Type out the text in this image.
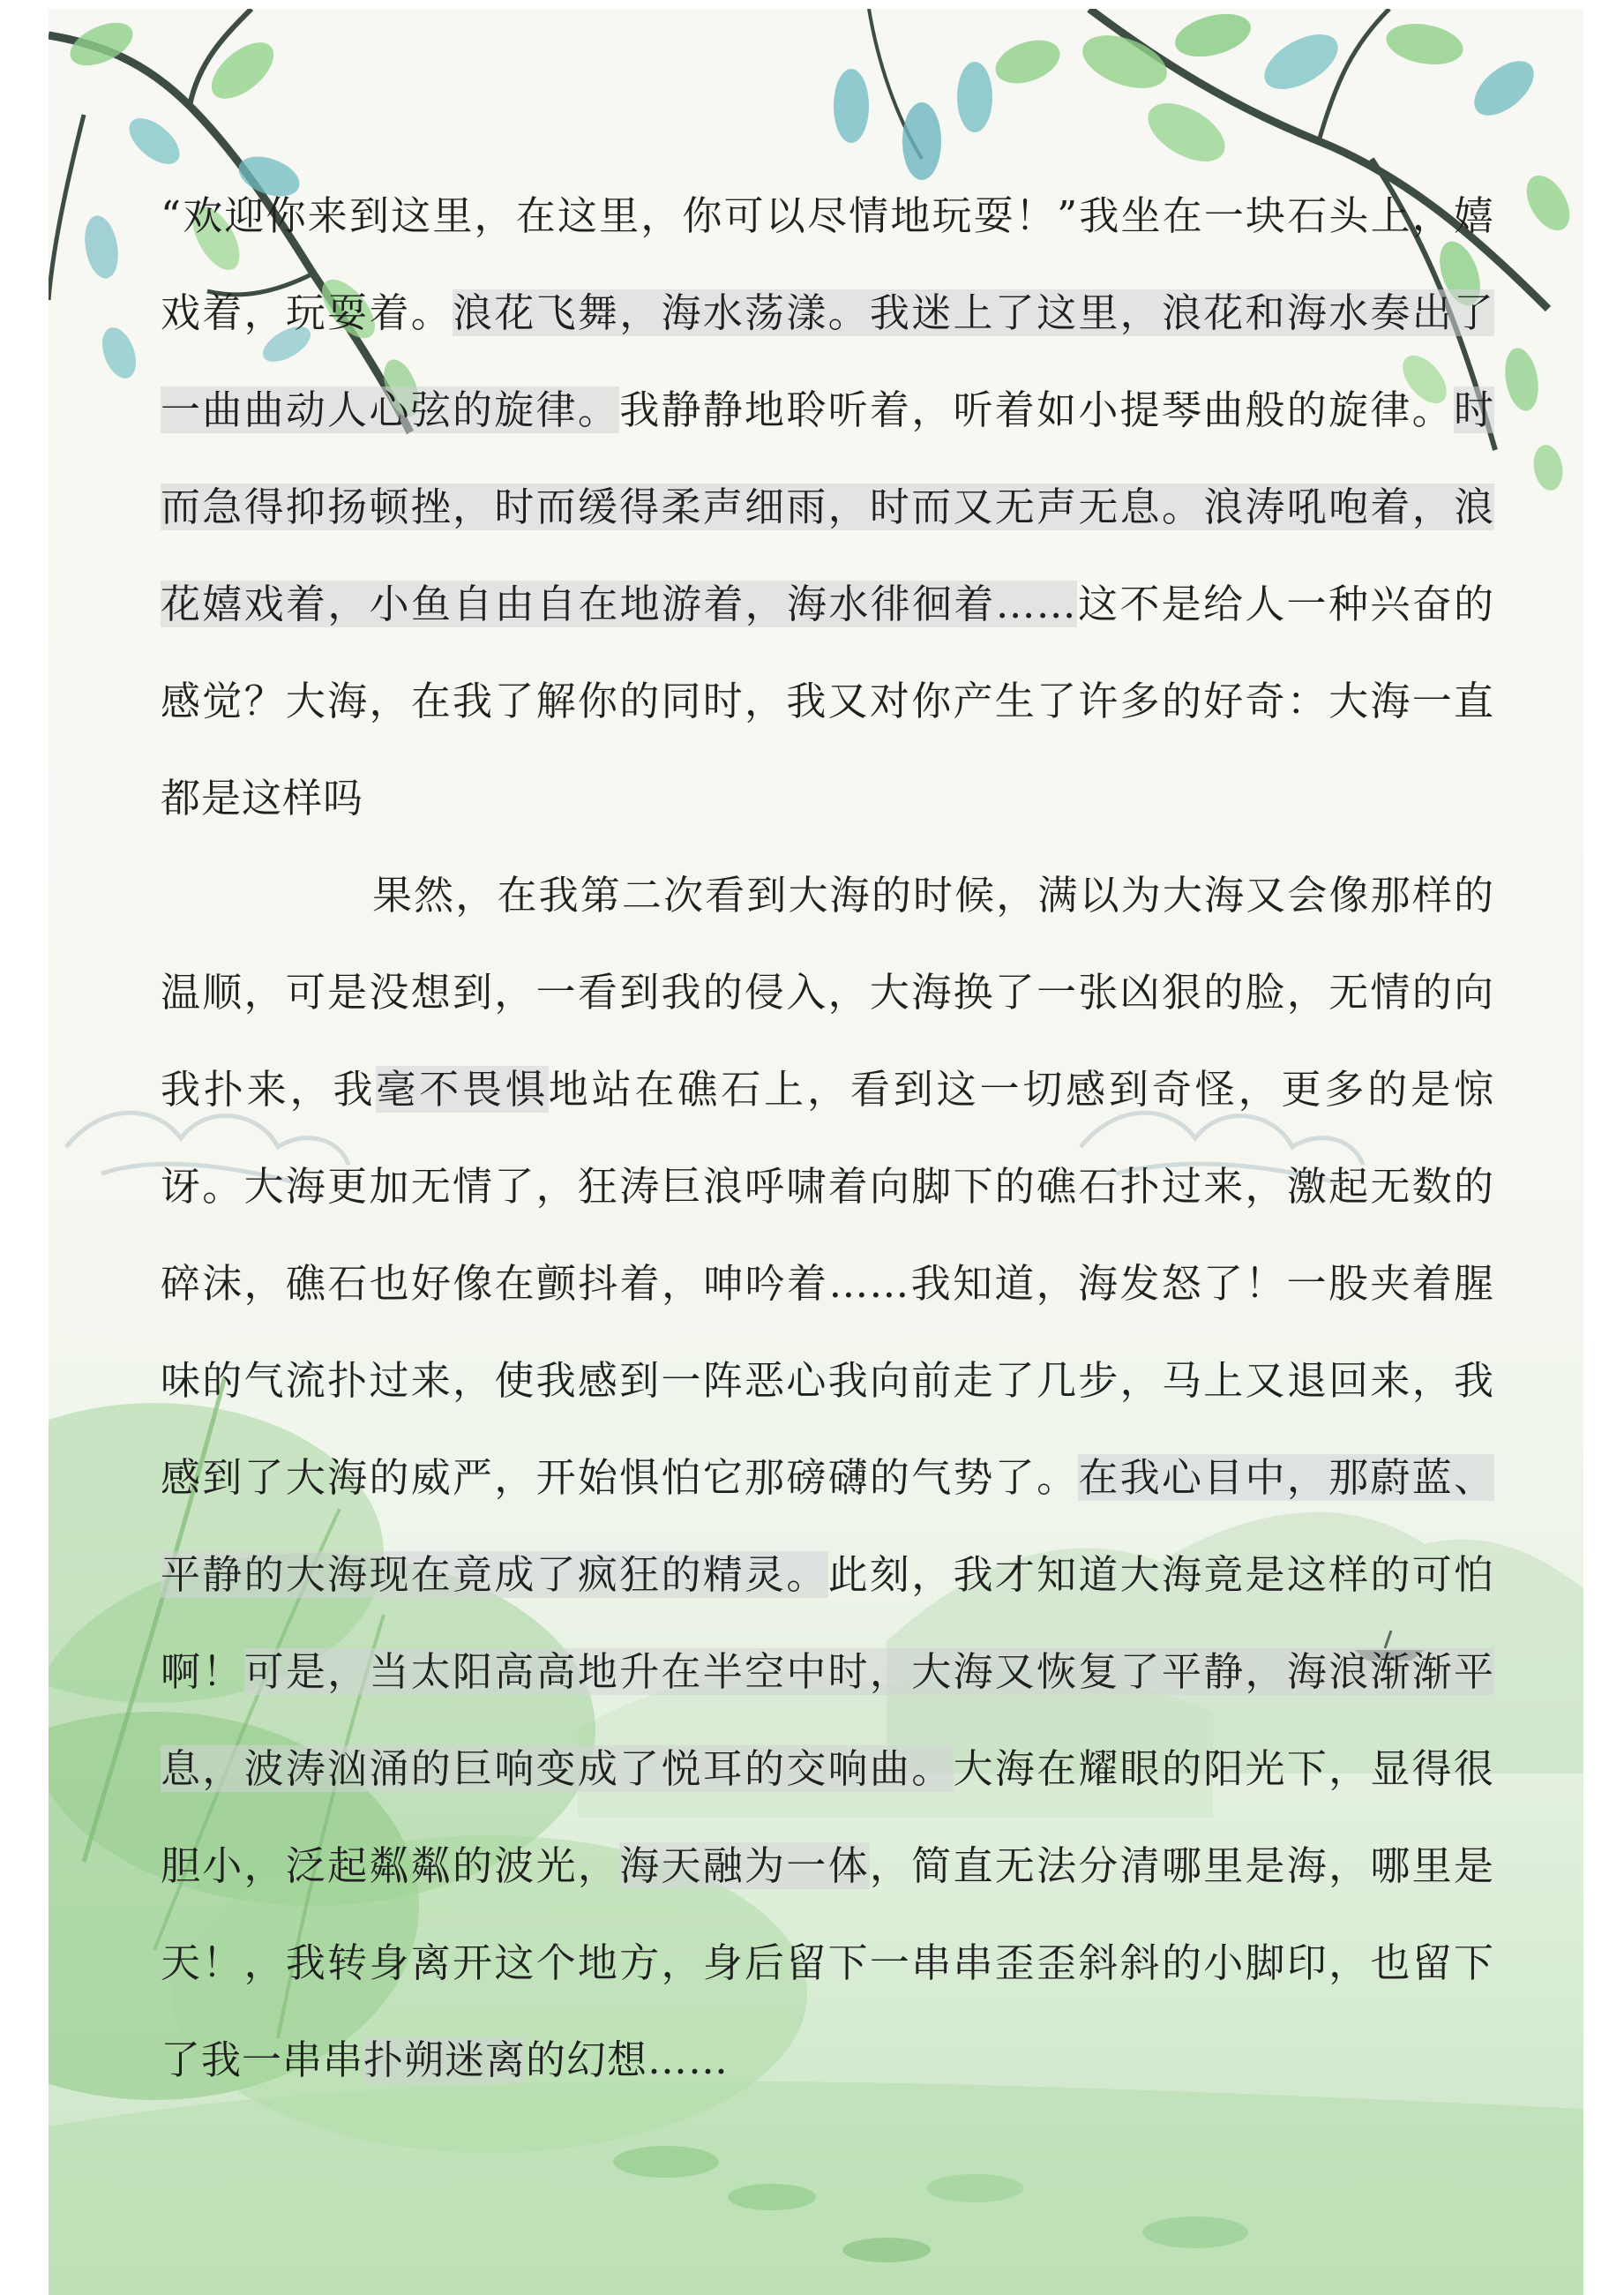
“欢迎你来到这里，在这里，你可以尽情地玩耍！”我坐在一块石头上，嬉戏着，玩耍着。浪花飞舞，海水荡漾。我迷上了这里，浪花和海水奏出了一曲曲动人心弦的旋律。我静静地聆听着，听着如小提琴曲般的旋律。时而急得抑扬顿挫，时而缓得柔声细雨，时而又无声无息。浪涛吼咆着，浪花嬉戏着，小鱼自由自在地游着，海水徘徊着……这不是给人一种兴奋的感觉？大海，在我了解你的同时，我又对你产生了许多的好奇：大海一直都是这样吗

果然，在我第二次看到大海的时候，满以为大海又会像那样的温顺，可是没想到，一看到我的侵入，大海换了一张凶狠的脸，无情的向我扑来，我毫不畏惧地站在礁石上，看到这一切感到奇怪，更多的是惊讶。大海更加无情了，狂涛巨浪呼啸着向脚下的礁石扑过来，激起无数的碎沫，礁石也好像在颤抖着，呻吟着……我知道，海发怒了！一股夹着腥味的气流扑过来，使我感到一阵恶心我向前走了几步，马上又退回来，我感到了大海的威严，开始惧怕它那磅礴的气势了。在我心目中，那蔚蓝、平静的大海现在竟成了疯狂的精灵。此刻，我才知道大海竟是这样的可怕啊！可是，当太阳高高地升在半空中时，大海又恢复了平静，海浪渐渐平息，波涛汹涌的巨响变成了悦耳的交响曲。大海在耀眼的阳光下，显得很胆小，泛起粼粼的波光，海天融为一体，简直无法分清哪里是海，哪里是天！，我转身离开这个地方，身后留下一串串歪歪斜斜的小脚印，也留下了我一串串扑朔迷离的幻想……
